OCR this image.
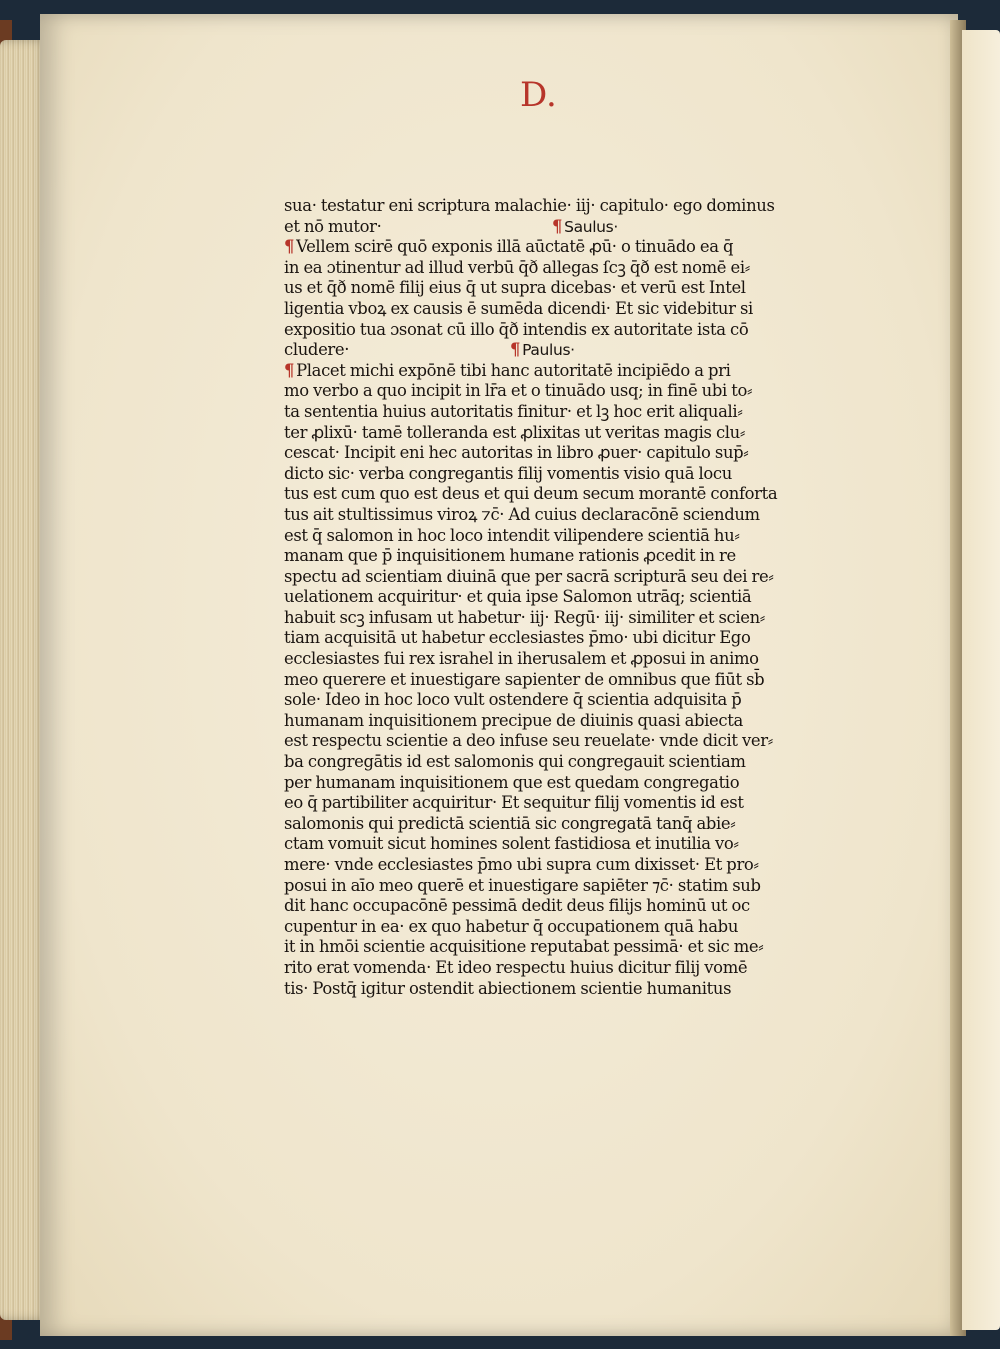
D.
sua· testatur eni scriptura malachie· iij· capitulo· ego dominus
et nō mutor·	¶ Saulus·
¶ Vellem scirē quō exponis illā aūctatē ꝓū· o tinuādo ea q̄
in ea ɔtinentur ad illud verbū q̄ð allegas ſcꝫ q̄ð est nomē ei⸗
us et q̄ð nomē filij eius q̄ ut supra dicebas· et verū est Intel
ligentia vboꝝ ex causis ē sumēda dicendi· Et sic videbitur si
expositio tua ɔsonat cū illo q̄ð intendis ex autoritate ista cō
cludere·	¶ Paulus·
¶ Placet michi expōnē tibi hanc autoritatē incipiēdo a pri
mo verbo a quo incipit in lr̄a et o tinuādo usq; in finē ubi to⸗
ta sententia huius autoritatis finitur· et lꝫ hoc erit aliquali⸗
ter ꝓlixū· tamē tolleranda est ꝓlixitas ut veritas magis clu⸗
cescat· Incipit eni hec autoritas in libro ꝓuer· capitulo sup̄⸗
dicto sic· verba congregantis filij vomentis visio quā locu
tus est cum quo est deus et qui deum secum morantē conforta
tus ait stultissimus viroꝝ ⁊c̄· Ad cuius declaracōnē sciendum
est q̄ salomon in hoc loco intendit vilipendere scientiā hu⸗
manam que p̄ inquisitionem humane rationis ꝓcedit in re
spectu ad scientiam diuinā que per sacrā scripturā seu dei re⸗
uelationem acquiritur· et quia ipse Salomon utrāq; scientiā
habuit scꝫ infusam ut habetur· iij· Regū· iij· similiter et scien⸗
tiam acquisitā ut habetur ecclesiastes p̄mo· ubi dicitur Ego
ecclesiastes fui rex israhel in iherusalem et ꝓposui in animo
meo querere et inuestigare sapienter de omnibus que fiūt sb̄
sole· Ideo in hoc loco vult ostendere q̄ scientia adquisita p̄
humanam inquisitionem precipue de diuinis quasi abiecta
est respectu scientie a deo infuse seu reuelate· vnde dicit ver⸗
ba congregātis id est salomonis qui congregauit scientiam
per humanam inquisitionem que est quedam congregatio
eo q̄ partibiliter acquiritur· Et sequitur filij vomentis id est
salomonis qui predictā scientiā sic congregatā tanq̄ abie⸗
ctam vomuit sicut homines solent fastidiosa et inutilia vo⸗
mere· vnde ecclesiastes p̄mo ubi supra cum dixisset· Et pro⸗
posui in aīo meo querē et inuestigare sapiēter ⁊c̄· statim sub
dit hanc occupacōnē pessimā dedit deus filijs hominū ut oc
cupentur in ea· ex quo habetur q̄ occupationem quā habu
it in hmōi scientie acquisitione reputabat pessimā· et sic me⸗
rito erat vomenda· Et ideo respectu huius dicitur filij vomē
tis· Postq̄ igitur ostendit abiectionem scientie humanitus
